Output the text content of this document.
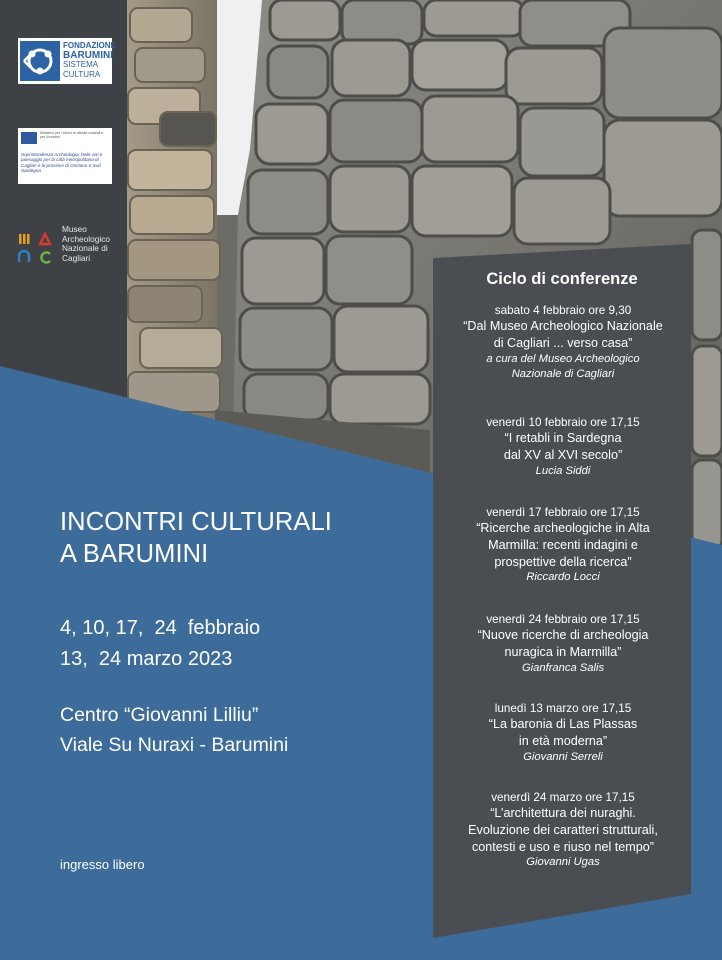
FONDAZIONE
BARUMINI
SISTEMA
CULTURA
Ministero per i beni e le attività culturali e per il turismo
Soprintendenza Archeologia, belle arti e paesaggio per la città metropolitana di Cagliari e le province di Oristano e Sud Sardegna
Museo
Archeologico
Nazionale di
Cagliari
INCONTRI CULTURALI
A BARUMINI
4, 10, 17,  24  febbraio
13,  24 marzo 2023
Centro “Giovanni Lilliu”
Viale Su Nuraxi - Barumini
ingresso libero
Ciclo di conferenze
sabato 4 febbraio ore 9,30
“Dal Museo Archeologico Nazionale
di Cagliari ... verso casa”
a cura del Museo Archeologico
Nazionale di Cagliari
venerdì 10 febbraio ore 17,15
“I retabli in Sardegna
dal XV al XVI secolo”
Lucia Siddi
venerdì 17 febbraio ore 17,15
“Ricerche archeologiche in Alta
Marmilla: recenti indagini e
prospettive della ricerca”
Riccardo Locci
venerdì 24 febbraio ore 17,15
“Nuove ricerche di archeologia
nuragica in Marmilla”
Gianfranca Salis
lunedì 13 marzo ore 17,15
“La baronia di Las Plassas
in età moderna”
Giovanni Serreli
venerdì 24 marzo ore 17,15
“L’architettura dei nuraghi.
Evoluzione dei caratteri strutturali,
contesti e uso e riuso nel tempo”
Giovanni Ugas
